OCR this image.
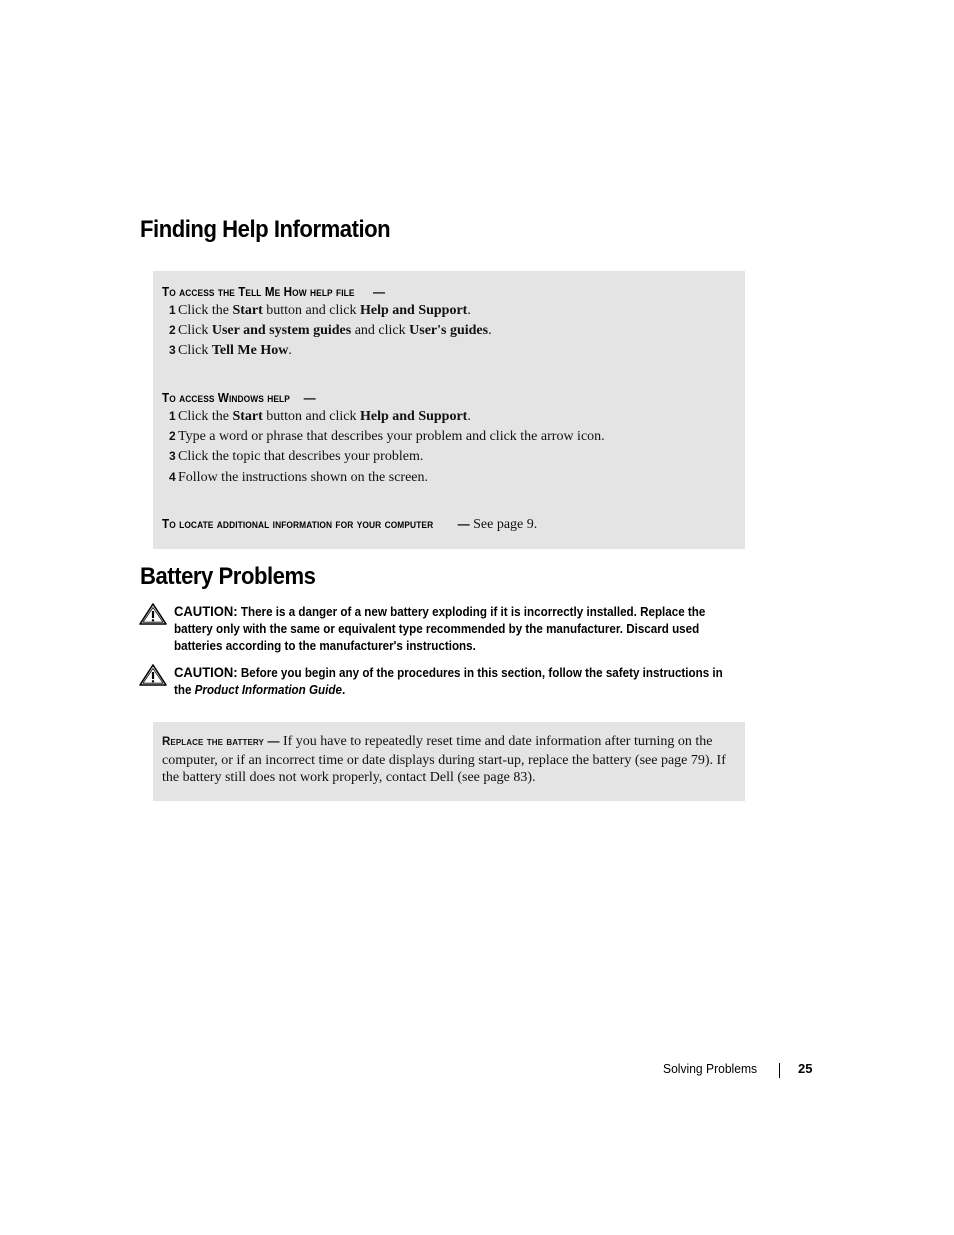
Finding Help Information
To access the Tell Me How help file —
1 Click the Start button and click Help and Support.
2 Click User and system guides and click User's guides.
3 Click Tell Me How.
To access Windows help —
1 Click the Start button and click Help and Support.
2 Type a word or phrase that describes your problem and click the arrow icon.
3 Click the topic that describes your problem.
4 Follow the instructions shown on the screen.
To locate additional information for your computer — See page 9.
Battery Problems
CAUTION: There is a danger of a new battery exploding if it is incorrectly installed. Replace the battery only with the same or equivalent type recommended by the manufacturer. Discard used batteries according to the manufacturer's instructions.
CAUTION: Before you begin any of the procedures in this section, follow the safety instructions in the Product Information Guide.
Replace the battery — If you have to repeatedly reset time and date information after turning on the computer, or if an incorrect time or date displays during start-up, replace the battery (see page 79). If the battery still does not work properly, contact Dell (see page 83).
Solving Problems	25
